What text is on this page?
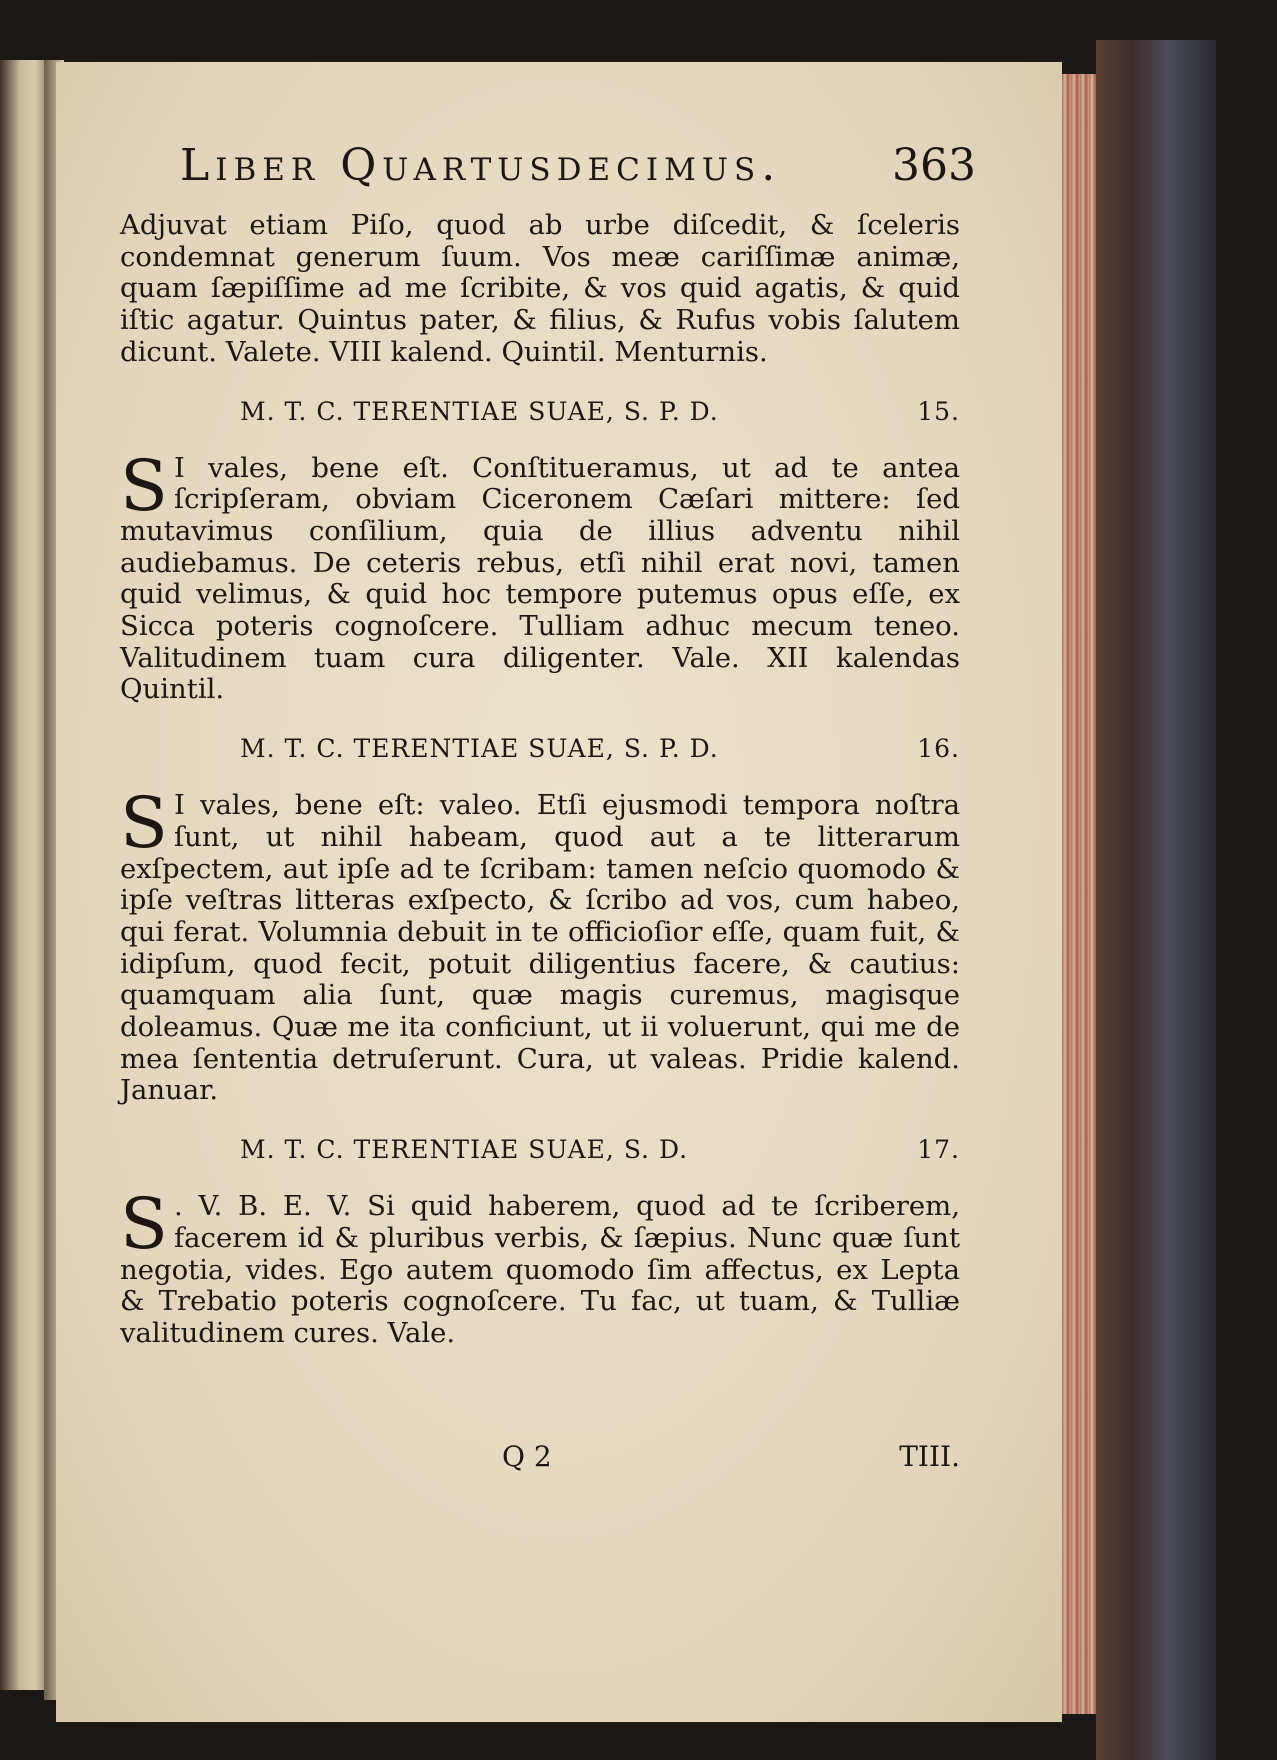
Liber Quartusdecimus.	363

Adjuvat etiam Piſo, quod ab urbe diſcedit, & ſceleris condemnat generum ſuum. Vos meæ cariſſimæ animæ, quam ſæpiſſime ad me ſcribite, & vos quid agatis, & quid iſtic agatur. Quintus pater, & filius, & Rufus vobis ſalutem dicunt. Valete. VIII kalend. Quintil. Menturnis.

M. T. C. TERENTIAE SUAE, S. P. D.	15.
S I vales, bene eſt. Conſtitueramus, ut ad te antea ſcripſeram, obviam Ciceronem Cæſari mittere: ſed mutavimus conſilium, quia de illius adventu nihil audiebamus. De ceteris rebus, etſi nihil erat novi, tamen quid velimus, & quid hoc tempore putemus opus eſſe, ex Sicca poteris cognoſcere. Tulliam adhuc mecum teneo. Valitudinem tuam cura diligenter. Vale. XII kalendas Quintil.

M. T. C. TERENTIAE SUAE, S. P. D.	16.
S I vales, bene eſt: valeo. Etſi ejusmodi tempora noſtra ſunt, ut nihil habeam, quod aut a te litterarum exſpectem, aut ipſe ad te ſcribam: tamen neſcio quomodo & ipſe veſtras litteras exſpecto, & ſcribo ad vos, cum habeo, qui ferat. Volumnia debuit in te officioſior eſſe, quam fuit, & idipſum, quod fecit, potuit diligentius facere, & cautius: quamquam alia ſunt, quæ magis curemus, magisque doleamus. Quæ me ita conficiunt, ut ii voluerunt, qui me de mea ſententia detruſerunt. Cura, ut valeas. Pridie kalend. Januar.

M. T. C. TERENTIAE SUAE, S. D.	17.
S . V. B. E. V. Si quid haberem, quod ad te ſcriberem, facerem id & pluribus verbis, & ſæpius. Nunc quæ ſunt negotia, vides. Ego autem quomodo ſim affectus, ex Lepta & Trebatio poteris cognoſcere. Tu fac, ut tuam, & Tulliæ valitudinem cures. Vale.

Q 2	TIII.
